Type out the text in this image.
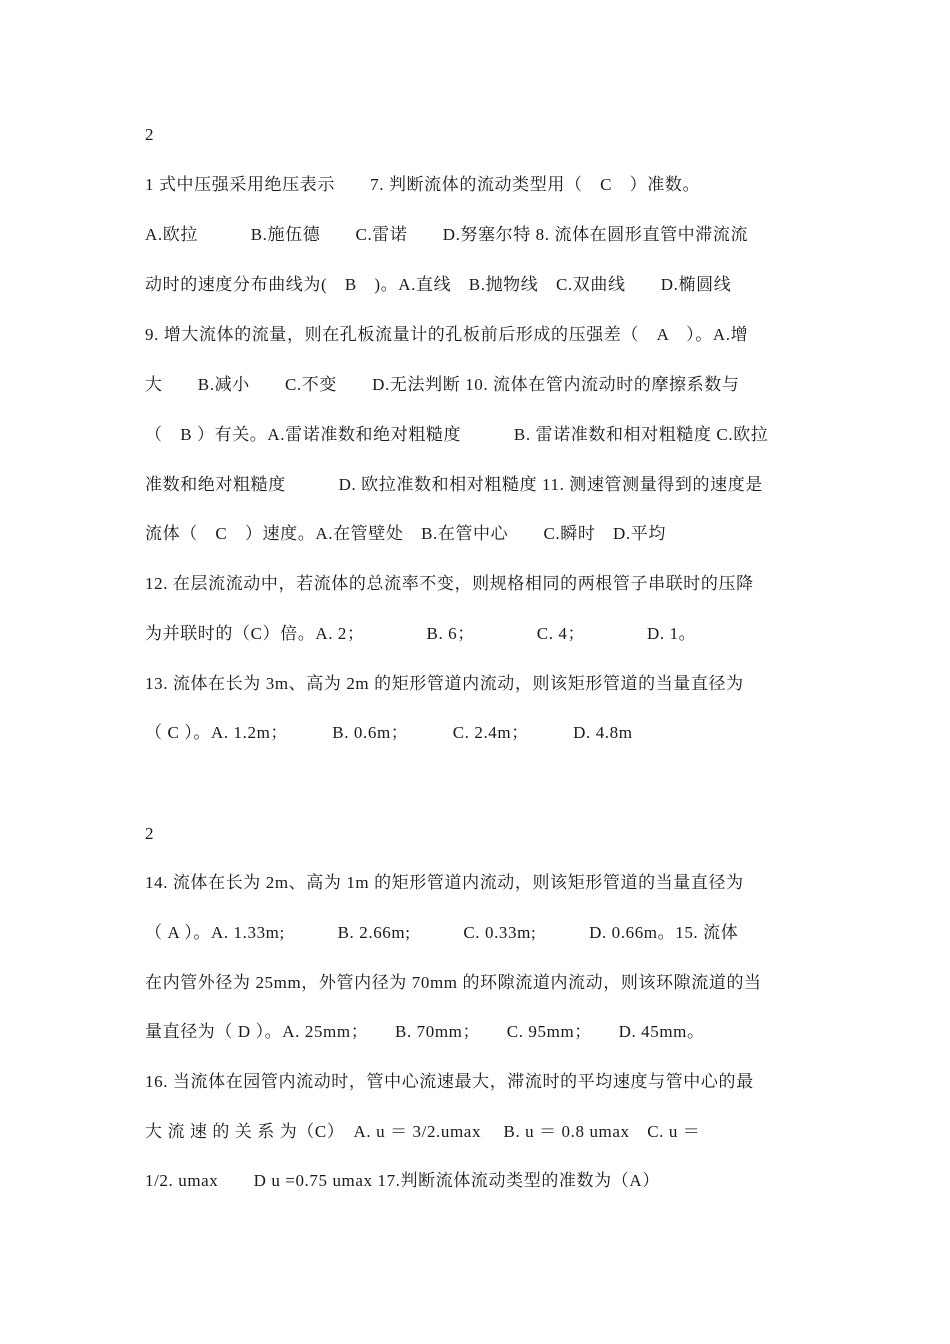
2
1 式中压强采用绝压表示　　7. 判断流体的流动类型用（　C　）准数。
A.欧拉　　　B.施伍德　　C.雷诺　　D.努塞尔特 8. 流体在圆形直管中滞流流
动时的速度分布曲线为(　B　)。A.直线　B.抛物线　C.双曲线　　D.椭圆线
9. 增大流体的流量，则在孔板流量计的孔板前后形成的压强差（　A　）。A.增
大　　B.减小　　C.不变　　D.无法判断 10. 流体在管内流动时的摩擦系数与
（　B ）有关。A.雷诺准数和绝对粗糙度　　　B. 雷诺准数和相对粗糙度 C.欧拉
准数和绝对粗糙度　　　D. 欧拉准数和相对粗糙度 11. 测速管测量得到的速度是
流体（　C　）速度。A.在管壁处　B.在管中心　　C.瞬时　D.平均
12. 在层流流动中，若流体的总流率不变，则规格相同的两根管子串联时的压降
为并联时的（C）倍。A. 2；　　　　B. 6；　　　　C. 4；　　　　D. 1。
13. 流体在长为 3m、高为 2m 的矩形管道内流动，则该矩形管道的当量直径为
（ C ）。A. 1.2m；　　　B. 0.6m；　　　C. 2.4m；　　　D. 4.8m
2
14. 流体在长为 2m、高为 1m 的矩形管道内流动，则该矩形管道的当量直径为
（ A ）。A. 1.33m;　　　B. 2.66m;　　　C. 0.33m;　　　D. 0.66m。15. 流体
在内管外径为 25mm，外管内径为 70mm 的环隙流道内流动，则该环隙流道的当
量直径为（ D ）。A. 25mm；　　B. 70mm；　　C. 95mm；　　D. 45mm。
16. 当流体在园管内流动时，管中心流速最大，滞流时的平均速度与管中心的最
大 流 速 的 关 系 为（C）　A. u ＝ 3/2.umax　 B. u ＝ 0.8 umax　C. u ＝
1/2. umax　　D u =0.75 umax 17.判断流体流动类型的准数为（A）
